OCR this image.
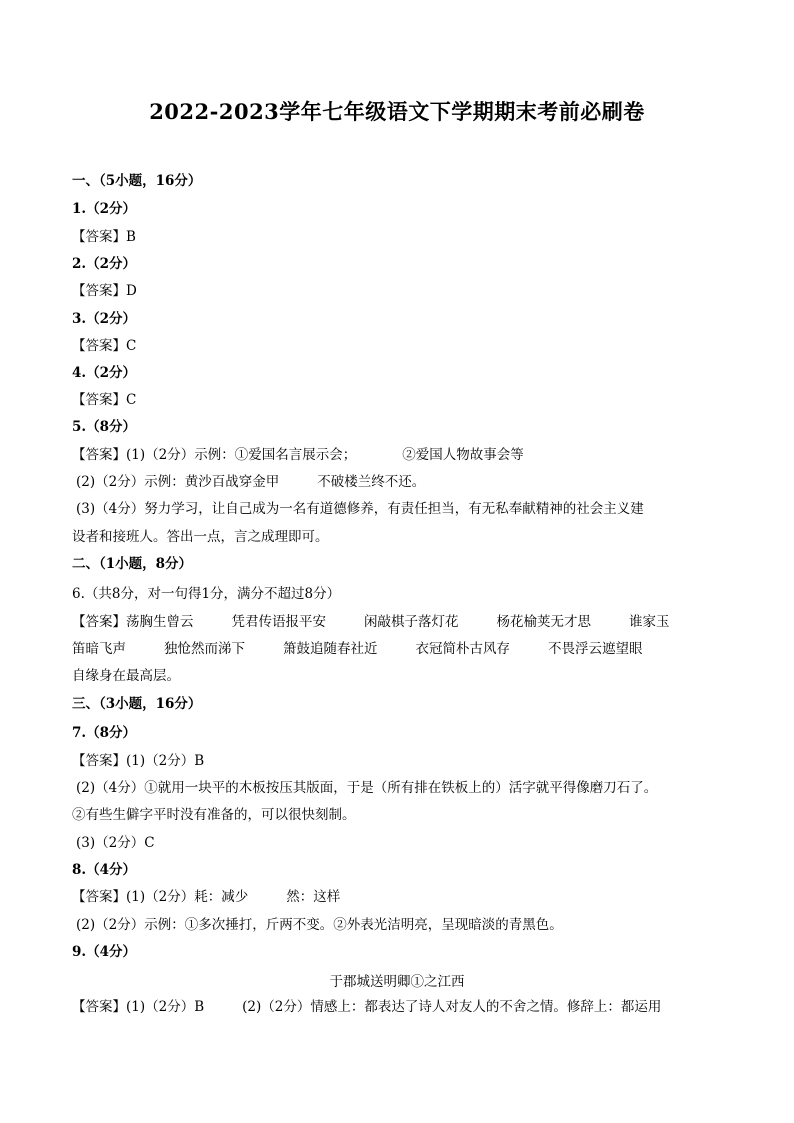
2022-2023学年七年级语文下学期期末考前必刷卷
一、（5小题，16分）
1.（2分）
【答案】B
2.（2分）
【答案】D
3.（2分）
【答案】C
4.（2分）
【答案】C
5.（8分）
【答案】(1)（2分）示例：①爱国名言展示会；	②爱国人物故事会等
(2)（2分）示例：黄沙百战穿金甲	不破楼兰终不还。
(3)（4分）努力学习，让自己成为一名有道德修养，有责任担当，有无私奉献精神的社会主义建
设者和接班人。答出一点，言之成理即可。
二、（1小题，8分）
6.（共8分，对一句得1分，满分不超过8分）
【答案】荡胸生曾云	凭君传语报平安	闲敲棋子落灯花	杨花榆荚无才思	谁家玉
笛暗飞声	独怆然而涕下	箫鼓追随春社近	衣冠简朴古风存	不畏浮云遮望眼
自缘身在最高层。
三、（3小题，16分）
7.（8分）
【答案】(1)（2分）B
(2)（4分）①就用一块平的木板按压其版面，于是（所有排在铁板上的）活字就平得像磨刀石了。
②有些生僻字平时没有准备的，可以很快刻制。
(3)（2分）C
8.（4分）
【答案】(1)（2分）耗：减少	然：这样
(2)（2分）示例：①多次捶打，斤两不变。②外表光洁明亮，呈现暗淡的青黑色。
9.（4分）
于郡城送明卿①之江西
【答案】(1)（2分）B	(2)（2分）情感上：都表达了诗人对友人的不舍之情。修辞上：都运用
